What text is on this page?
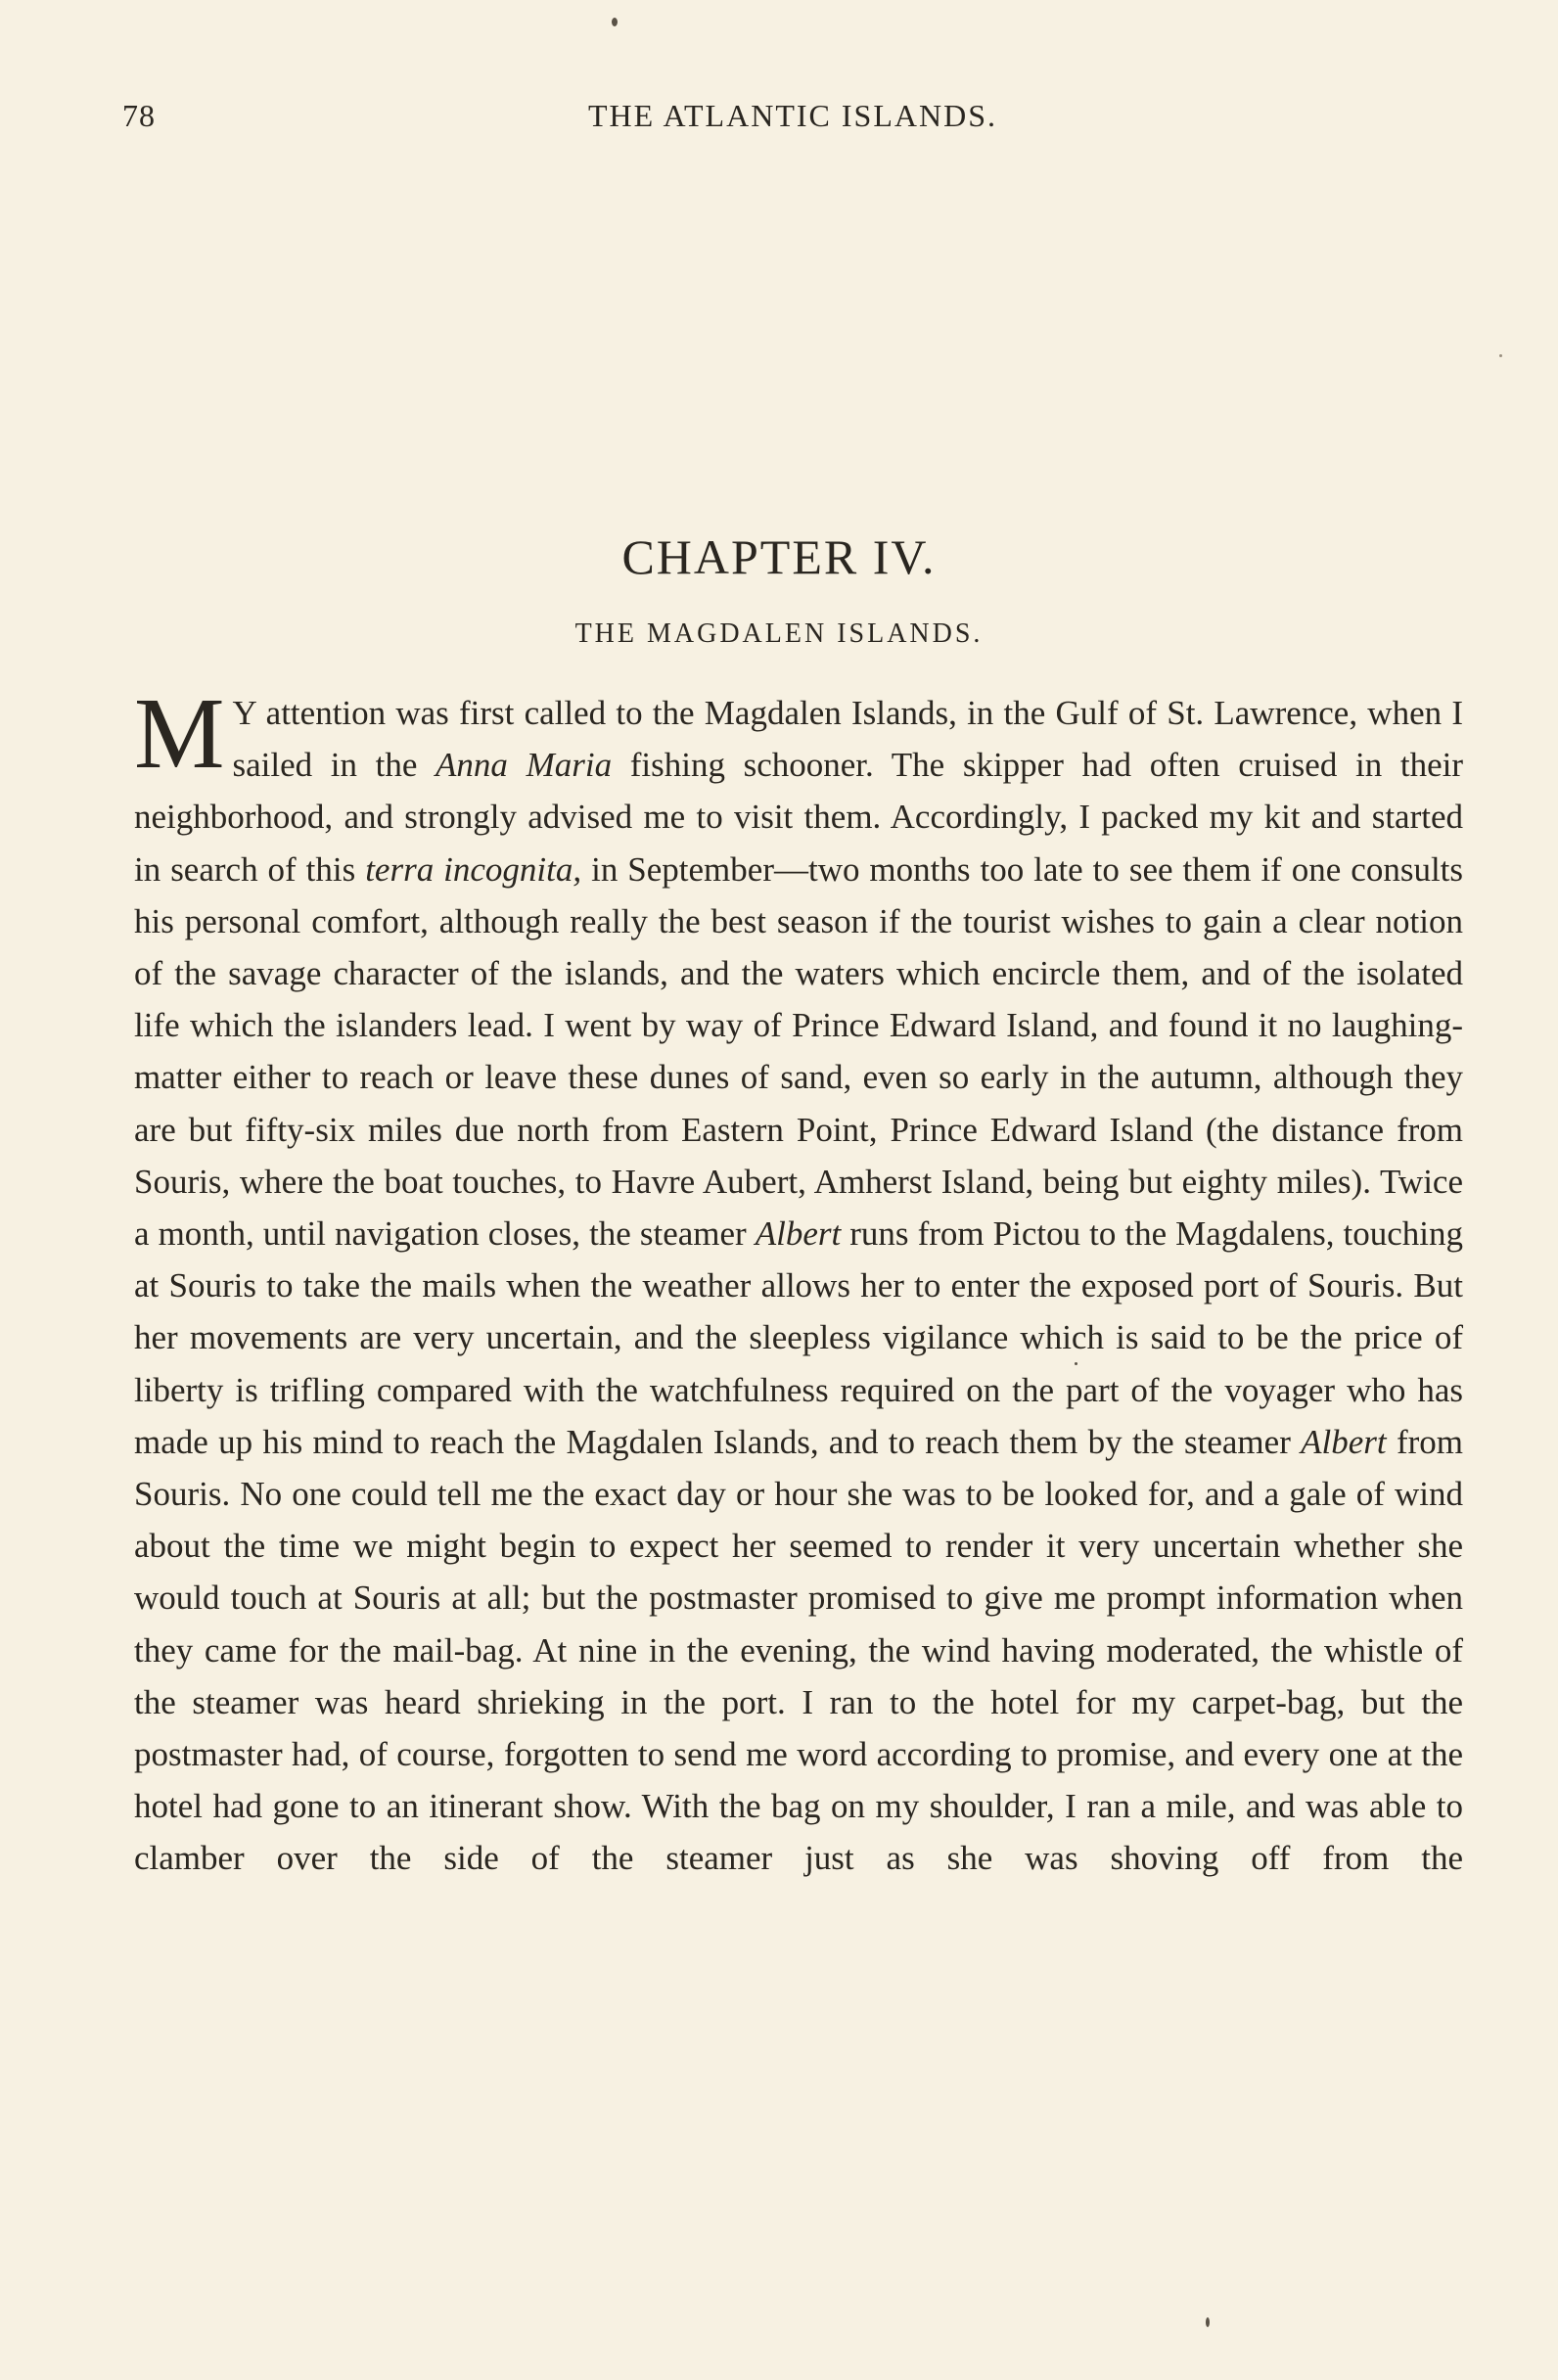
78	THE ATLANTIC ISLANDS.
CHAPTER IV.
THE MAGDALEN ISLANDS.
M Y attention was first called to the Magdalen Islands, in the Gulf of St. Lawrence, when I sailed in the Anna Maria fishing schooner. The skipper had often cruised in their neighborhood, and strongly advised me to visit them. Accordingly, I packed my kit and started in search of this terra incognita, in September—two months too late to see them if one consults his personal comfort, although really the best season if the tourist wishes to gain a clear notion of the savage character of the islands, and the waters which encircle them, and of the isolated life which the islanders lead. I went by way of Prince Edward Island, and found it no laughing-matter either to reach or leave these dunes of sand, even so early in the autumn, although they are but fifty-six miles due north from Eastern Point, Prince Edward Island (the distance from Souris, where the boat touches, to Havre Aubert, Amherst Island, being but eighty miles). Twice a month, until navigation closes, the steamer Albert runs from Pictou to the Magdalens, touching at Souris to take the mails when the weather allows her to enter the exposed port of Souris. But her movements are very uncertain, and the sleepless vigilance which is said to be the price of liberty is trifling compared with the watchfulness required on the part of the voyager who has made up his mind to reach the Magdalen Islands, and to reach them by the steamer Albert from Souris. No one could tell me the exact day or hour she was to be looked for, and a gale of wind about the time we might begin to expect her seemed to render it very uncertain whether she would touch at Souris at all; but the postmaster promised to give me prompt information when they came for the mail-bag. At nine in the evening, the wind having moderated, the whistle of the steamer was heard shrieking in the port. I ran to the hotel for my carpet-bag, but the postmaster had, of course, forgotten to send me word according to promise, and every one at the hotel had gone to an itinerant show. With the bag on my shoulder, I ran a mile, and was able to clamber over the side of the steamer just as she was shoving off from the
